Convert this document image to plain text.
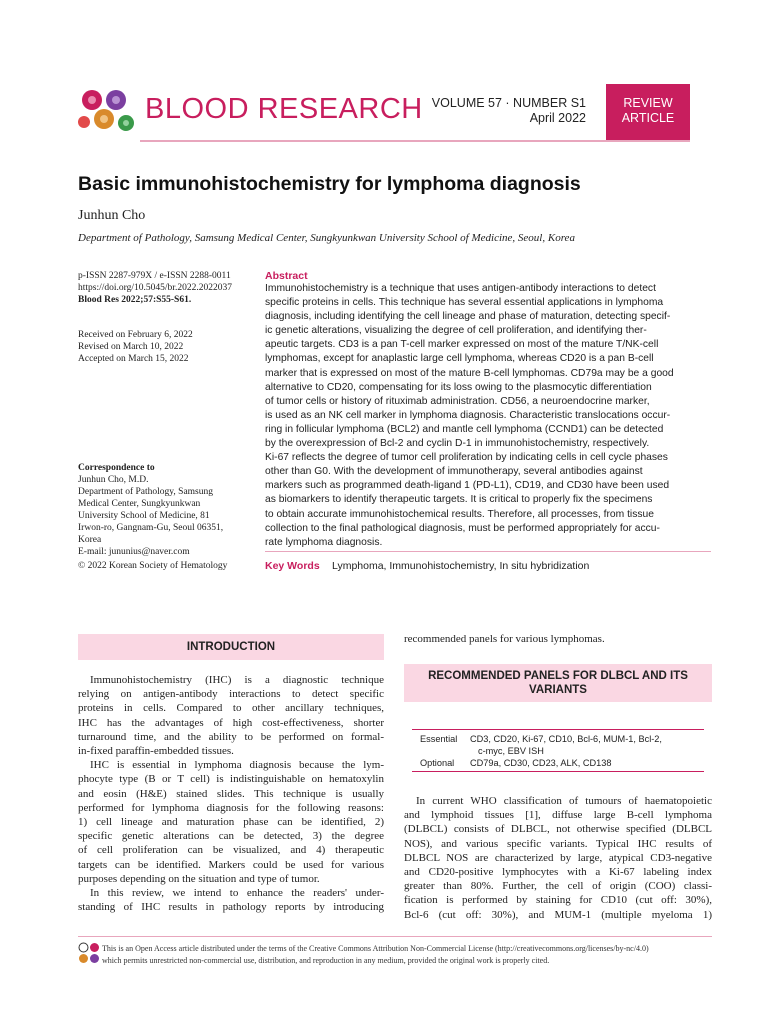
BLOOD RESEARCH VOLUME 57 · NUMBER S1
April 2022
REVIEW
ARTICLE
Basic immunohistochemistry for lymphoma diagnosis
Junhun Cho
Department of Pathology, Samsung Medical Center, Sungkyunkwan University School of Medicine, Seoul, Korea
p-ISSN 2287-979X / e-ISSN 2288-0011
https://doi.org/10.5045/br.2022.2022037
Blood Res 2022;57:S55-S61.
Received on February 6, 2022
Revised on March 10, 2022
Accepted on March 15, 2022
Correspondence to
Junhun Cho, M.D.
Department of Pathology, Samsung
Medical Center, Sungkyunkwan
University School of Medicine, 81
Irwon-ro, Gangnam-Gu, Seoul 06351,
Korea
E-mail: jununius@naver.com
© 2022 Korean Society of Hematology
Abstract
Immunohistochemistry is a technique that uses antigen-antibody interactions to detect
specific proteins in cells. This technique has several essential applications in lymphoma
diagnosis, including identifying the cell lineage and phase of maturation, detecting specif-
ic genetic alterations, visualizing the degree of cell proliferation, and identifying ther-
apeutic targets. CD3 is a pan T-cell marker expressed on most of the mature T/NK-cell
lymphomas, except for anaplastic large cell lymphoma, whereas CD20 is a pan B-cell
marker that is expressed on most of the mature B-cell lymphomas. CD79a may be a good
alternative to CD20, compensating for its loss owing to the plasmocytic differentiation
of tumor cells or history of rituximab administration. CD56, a neuroendocrine marker,
is used as an NK cell marker in lymphoma diagnosis. Characteristic translocations occur-
ring in follicular lymphoma (BCL2) and mantle cell lymphoma (CCND1) can be detected
by the overexpression of Bcl-2 and cyclin D-1 in immunohistochemistry, respectively.
Ki-67 reflects the degree of tumor cell proliferation by indicating cells in cell cycle phases
other than G0. With the development of immunotherapy, several antibodies against
markers such as programmed death-ligand 1 (PD-L1), CD19, and CD30 have been used
as biomarkers to identify therapeutic targets. It is critical to properly fix the specimens
to obtain accurate immunohistochemical results. Therefore, all processes, from tissue
collection to the final pathological diagnosis, must be performed appropriately for accu-
rate lymphoma diagnosis.
Key Words Lymphoma, Immunohistochemistry, In situ hybridization
INTRODUCTION
Immunohistochemistry (IHC) is a diagnostic technique
relying on antigen-antibody interactions to detect specific
proteins in cells. Compared to other ancillary techniques,
IHC has the advantages of high cost-effectiveness, shorter
turnaround time, and the ability to be performed on formal-
in-fixed paraffin-embedded tissues.
IHC is essential in lymphoma diagnosis because the lym-
phocyte type (B or T cell) is indistinguishable on hematoxylin
and eosin (H&E) stained slides. This technique is usually
performed for lymphoma diagnosis for the following reasons:
1) cell lineage and maturation phase can be identified, 2)
specific genetic alterations can be detected, 3) the degree
of cell proliferation can be visualized, and 4) therapeutic
targets can be identified. Markers could be used for various
purposes depending on the situation and type of tumor.
In this review, we intend to enhance the readers' under-
standing of IHC results in pathology reports by introducing
recommended panels for various lymphomas.
RECOMMENDED PANELS FOR DLBCL AND ITS
VARIANTS
Essential	CD3, CD20, Ki-67, CD10, Bcl-6, MUM-1, Bcl-2,
c-myc, EBV ISH
Optional	CD79a, CD30, CD23, ALK, CD138
In current WHO classification of tumours of haematopoietic
and lymphoid tissues [1], diffuse large B-cell lymphoma
(DLBCL) consists of DLBCL, not otherwise specified (DLBCL
NOS), and various specific variants. Typical IHC results of
DLBCL NOS are characterized by large, atypical CD3-negative
and CD20-positive lymphocytes with a Ki-67 labeling index
greater than 80%. Further, the cell of origin (COO) classi-
fication is performed by staining for CD10 (cut off: 30%),
Bcl-6 (cut off: 30%), and MUM-1 (multiple myeloma 1)
This is an Open Access article distributed under the terms of the Creative Commons Attribution Non-Commercial License (http://creativecommons.org/licenses/by-nc/4.0)
which permits unrestricted non-commercial use, distribution, and reproduction in any medium, provided the original work is properly cited.
